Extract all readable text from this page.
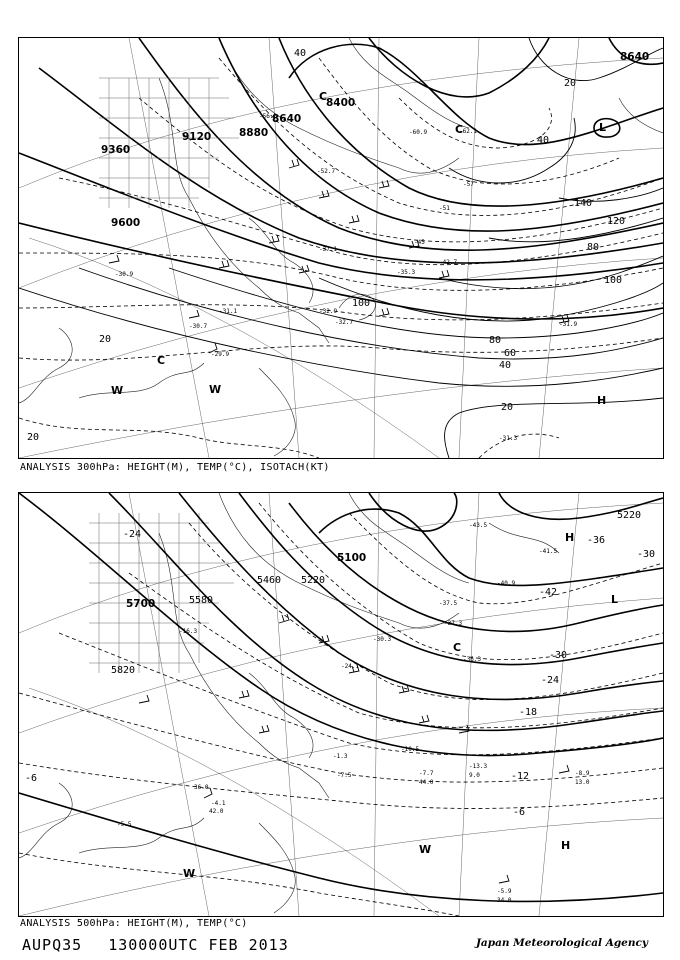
9600
9360
9120	8880
8640
8400
8640
20
40
60
80
100
120
140
100
80
20
40
20
40
20
-31.9
-32.7
-32.9
-35.3
-37.1
-42.7
-45
-51
-52.7
-56.3
-57
-60.9	-62.1
-31.3
-30.7
-29.9
-30.9
-31.1
C
C
C
W	W
L
H
ANALYSIS 300hPa: HEIGHT(M), TEMP(°C), ISOTACH(KT)
5700	5580
5460
5820
5100
5220
5220
-24
-30
-42
-36
-30
-24
-18
-12
-6
-6
-43.5
-41.5
-40.9
-37.5
-37.3
-36.3
-30.3
-24.1
-16.3
-13.3
-10.5
-8.9
-7.7
-7.5
-5.5
-5.9
-4.1
-1.3
42.0
34.0
13.0
9.0
36.0
44.0
L
H
H
W
W
C
ANALYSIS 500hPa: HEIGHT(M), TEMP(°C)
AUPQ35 130000UTC FEB 2013	Japan Meteorological Agency
